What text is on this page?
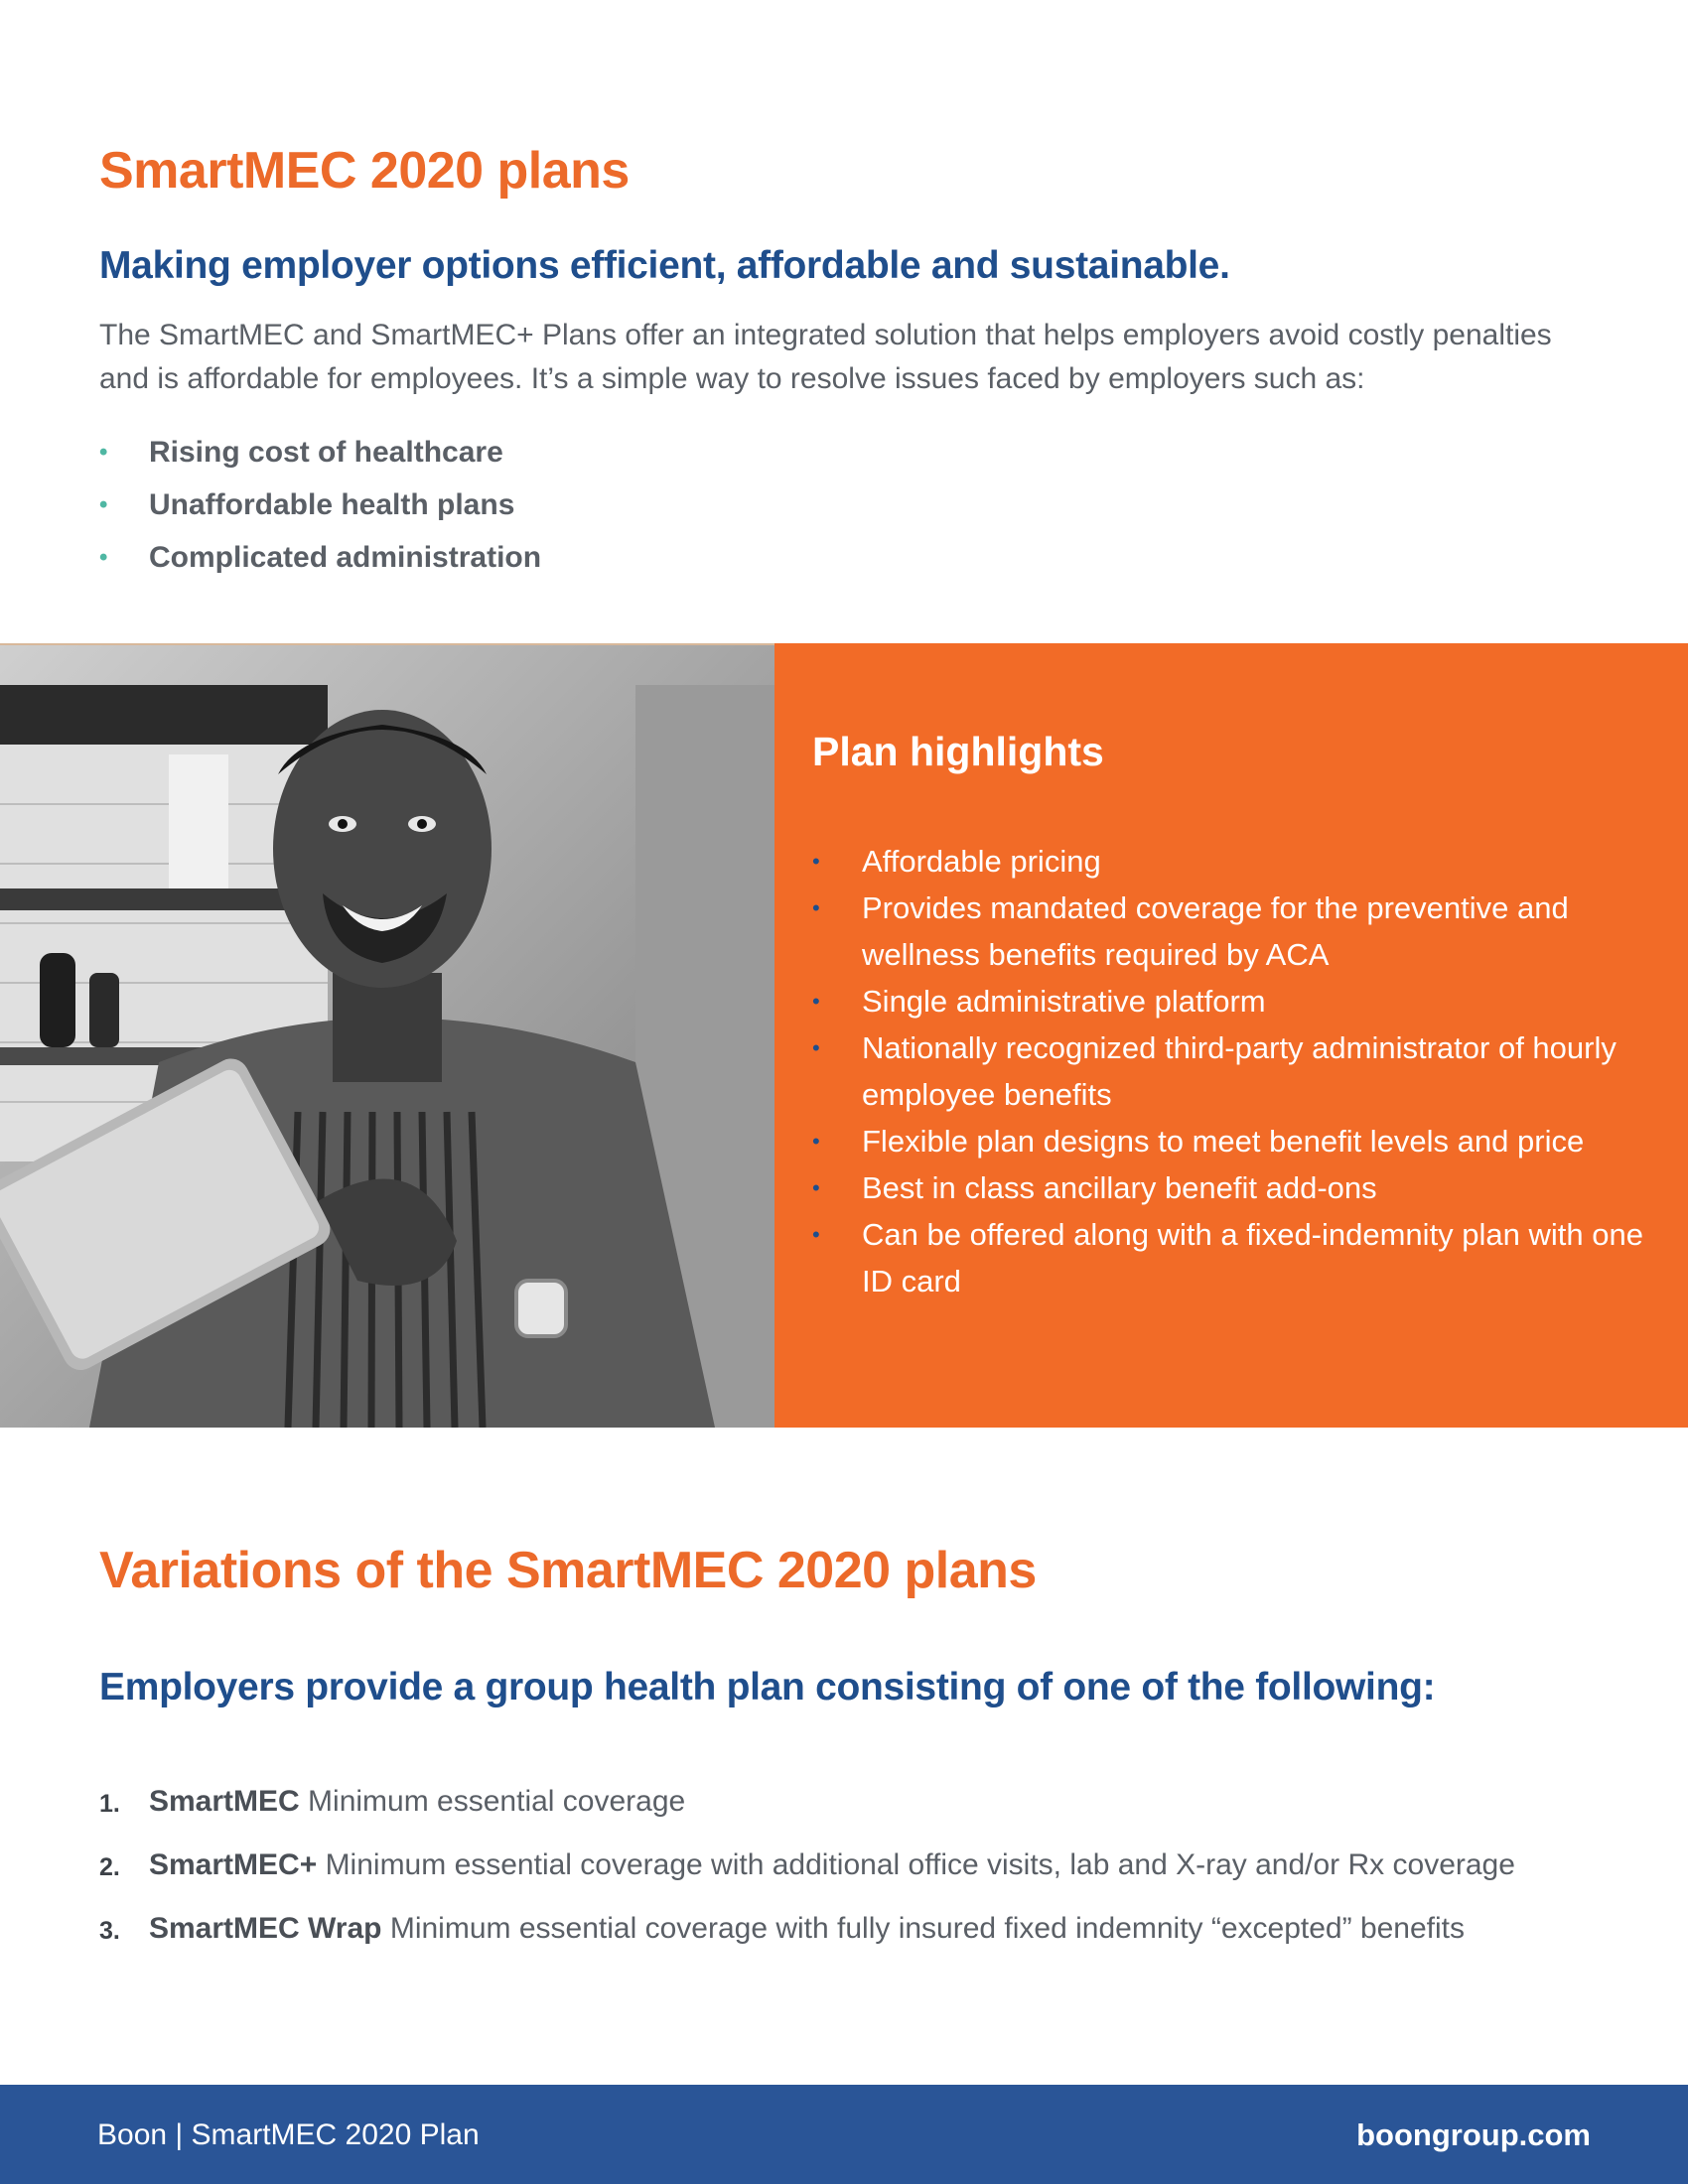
SmartMEC 2020 plans
Making employer options efficient, affordable and sustainable.

The SmartMEC and SmartMEC+ Plans offer an integrated solution that helps employers avoid costly penalties and is affordable for employees. It’s a simple way to resolve issues faced by employers such as:

• Rising cost of healthcare
• Unaffordable health plans
• Complicated administration
Plan highlights
• Affordable pricing
• Provides mandated coverage for the preventive and wellness benefits required by ACA
• Single administrative platform
• Nationally recognized third-party administrator of hourly employee benefits
• Flexible plan designs to meet benefit levels and price
• Best in class ancillary benefit add-ons
• Can be offered along with a fixed-indemnity plan with one ID card
Variations of the SmartMEC 2020 plans
Employers provide a group health plan consisting of one of the following:
1. SmartMEC Minimum essential coverage
2. SmartMEC+ Minimum essential coverage with additional office visits, lab and X-ray and/or Rx coverage
3. SmartMEC Wrap Minimum essential coverage with fully insured fixed indemnity “excepted” benefits
Boon | SmartMEC 2020 Plan	boongroup.com
